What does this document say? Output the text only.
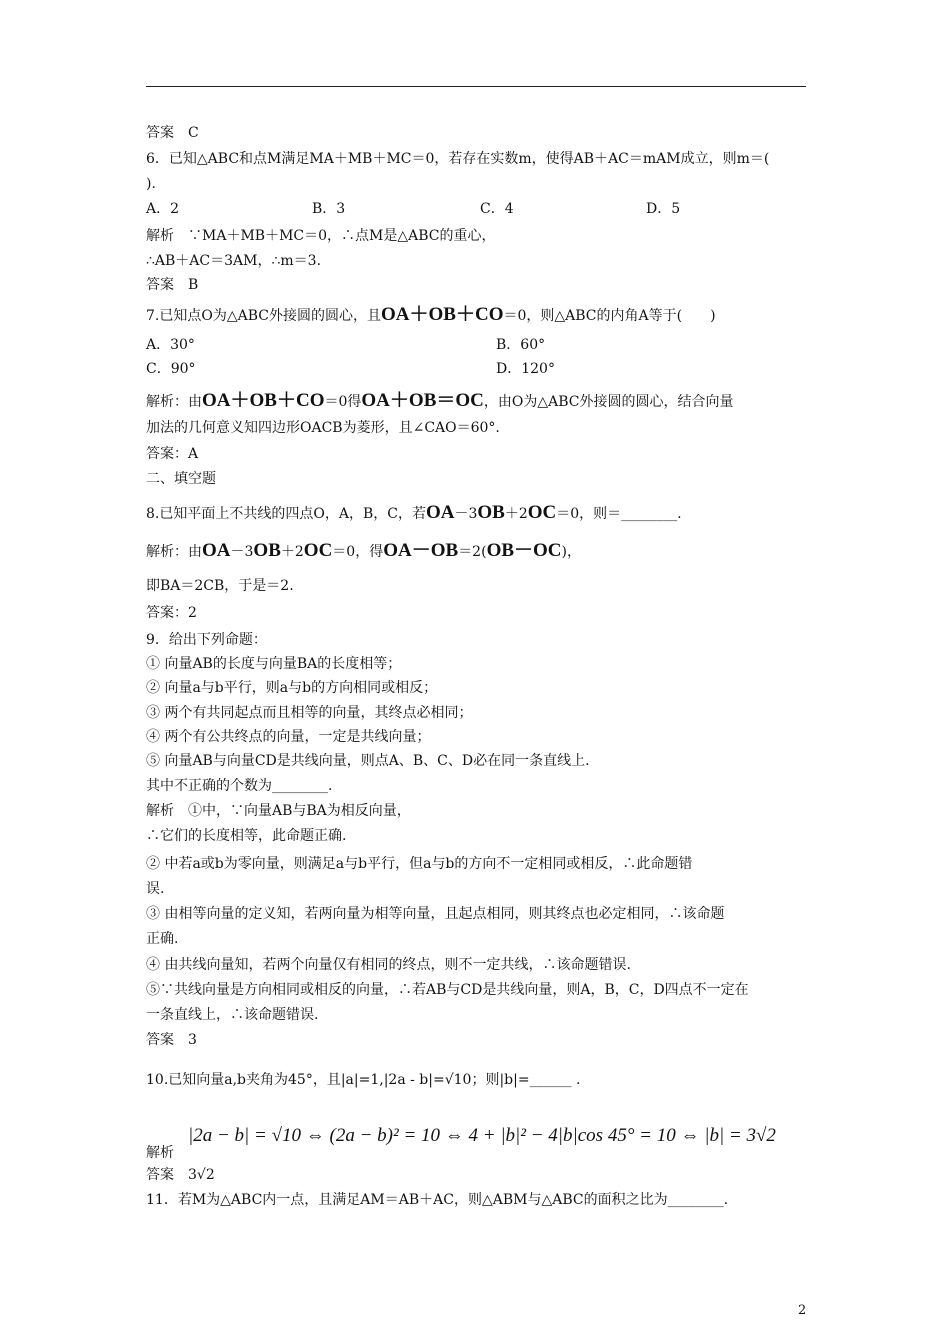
答案　C
6．已知△ABC和点M满足MA＋MB＋MC＝0，若存在实数m，使得AB＋AC＝mAM成立，则m＝(
).
A．2	B．3	C．4	D．5
解析　∵MA＋MB＋MC＝0，∴点M是△ABC的重心，
∴AB＋AC＝3AM，∴m＝3.
答案　B
7.已知点O为△ABC外接圆的圆心，且OA＋OB＋CO＝0，则△ABC的内角A等于(　　)
A．30°	B．60°
C．90°	D．120°
解析：由OA＋OB＋CO＝0得OA＋OB＝OC，由O为△ABC外接圆的圆心，结合向量
加法的几何意义知四边形OACB为菱形，且∠CAO＝60°.
答案：A
二、填空题
8.已知平面上不共线的四点O，A，B，C，若OA－3OB＋2OC＝0，则＝________.
解析：由OA－3OB＋2OC＝0，得OA－OB＝2(OB－OC)，
即BA＝2CB，于是＝2.
答案：2
9．给出下列命题：
① 向量AB的长度与向量BA的长度相等；
② 向量a与b平行，则a与b的方向相同或相反；
③ 两个有共同起点而且相等的向量，其终点必相同；
④ 两个有公共终点的向量，一定是共线向量；
⑤ 向量AB与向量CD是共线向量，则点A、B、C、D必在同一条直线上.
其中不正确的个数为________.
解析　①中，∵向量AB与BA为相反向量，
∴它们的长度相等，此命题正确.
② 中若a或b为零向量，则满足a与b平行，但a与b的方向不一定相同或相反，∴此命题错
误.
③ 由相等向量的定义知，若两向量为相等向量，且起点相同，则其终点也必定相同，∴该命题
正确.
④ 由共线向量知，若两个向量仅有相同的终点，则不一定共线，∴该命题错误.
⑤∵共线向量是方向相同或相反的向量，∴若AB与CD是共线向量，则A，B，C，D四点不一定在
一条直线上，∴该命题错误.
答案　3
10.已知向量a,b夹角为45°，且|a|=1,|2a - b|=√10；则|b|=______ .
解析
|2a − b| = √10 ⇔ (2a − b)² = 10 ⇔ 4 + |b|² − 4|b|cos 45° = 10 ⇔ |b| = 3√2
答案　3√2
11．若M为△ABC内一点，且满足AM＝AB＋AC，则△ABM与△ABC的面积之比为________.
2
